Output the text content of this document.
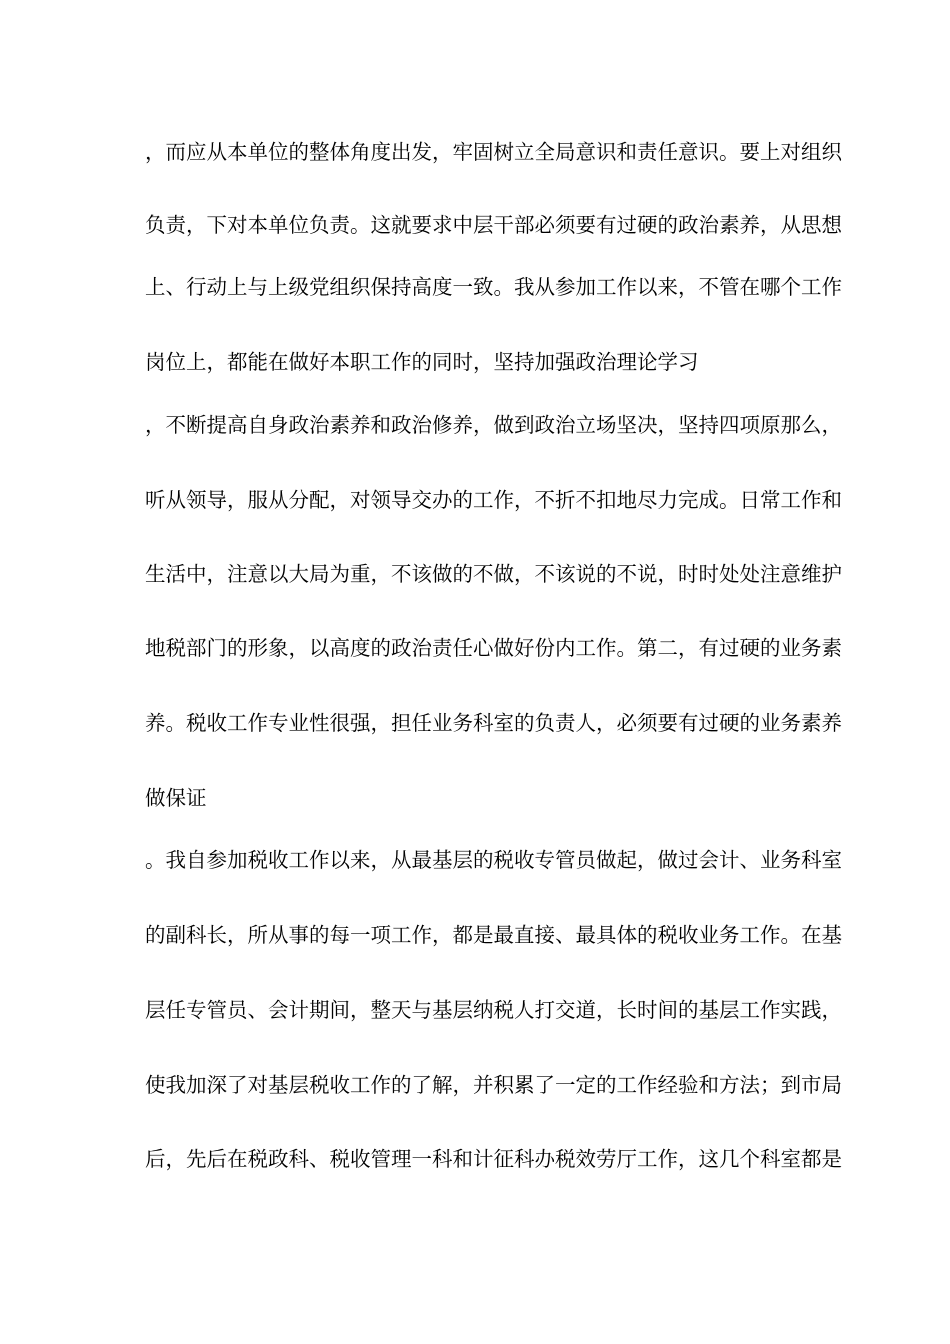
，而应从本单位的整体角度出发，牢固树立全局意识和责任意识。要上对组织

负责，下对本单位负责。这就要求中层干部必须要有过硬的政治素养，从思想

上、行动上与上级党组织保持高度一致。我从参加工作以来，不管在哪个工作

岗位上，都能在做好本职工作的同时，坚持加强政治理论学习

，不断提高自身政治素养和政治修养，做到政治立场坚决，坚持四项原那么，

听从领导，服从分配，对领导交办的工作，不折不扣地尽力完成。日常工作和

生活中，注意以大局为重，不该做的不做，不该说的不说，时时处处注意维护

地税部门的形象，以高度的政治责任心做好份内工作。第二，有过硬的业务素

养。税收工作专业性很强，担任业务科室的负责人，必须要有过硬的业务素养

做保证

。我自参加税收工作以来，从最基层的税收专管员做起，做过会计、业务科室

的副科长，所从事的每一项工作，都是最直接、最具体的税收业务工作。在基

层任专管员、会计期间，整天与基层纳税人打交道，长时间的基层工作实践，

使我加深了对基层税收工作的了解，并积累了一定的工作经验和方法；到市局

后，先后在税政科、税收管理一科和计征科办税效劳厅工作，这几个科室都是
